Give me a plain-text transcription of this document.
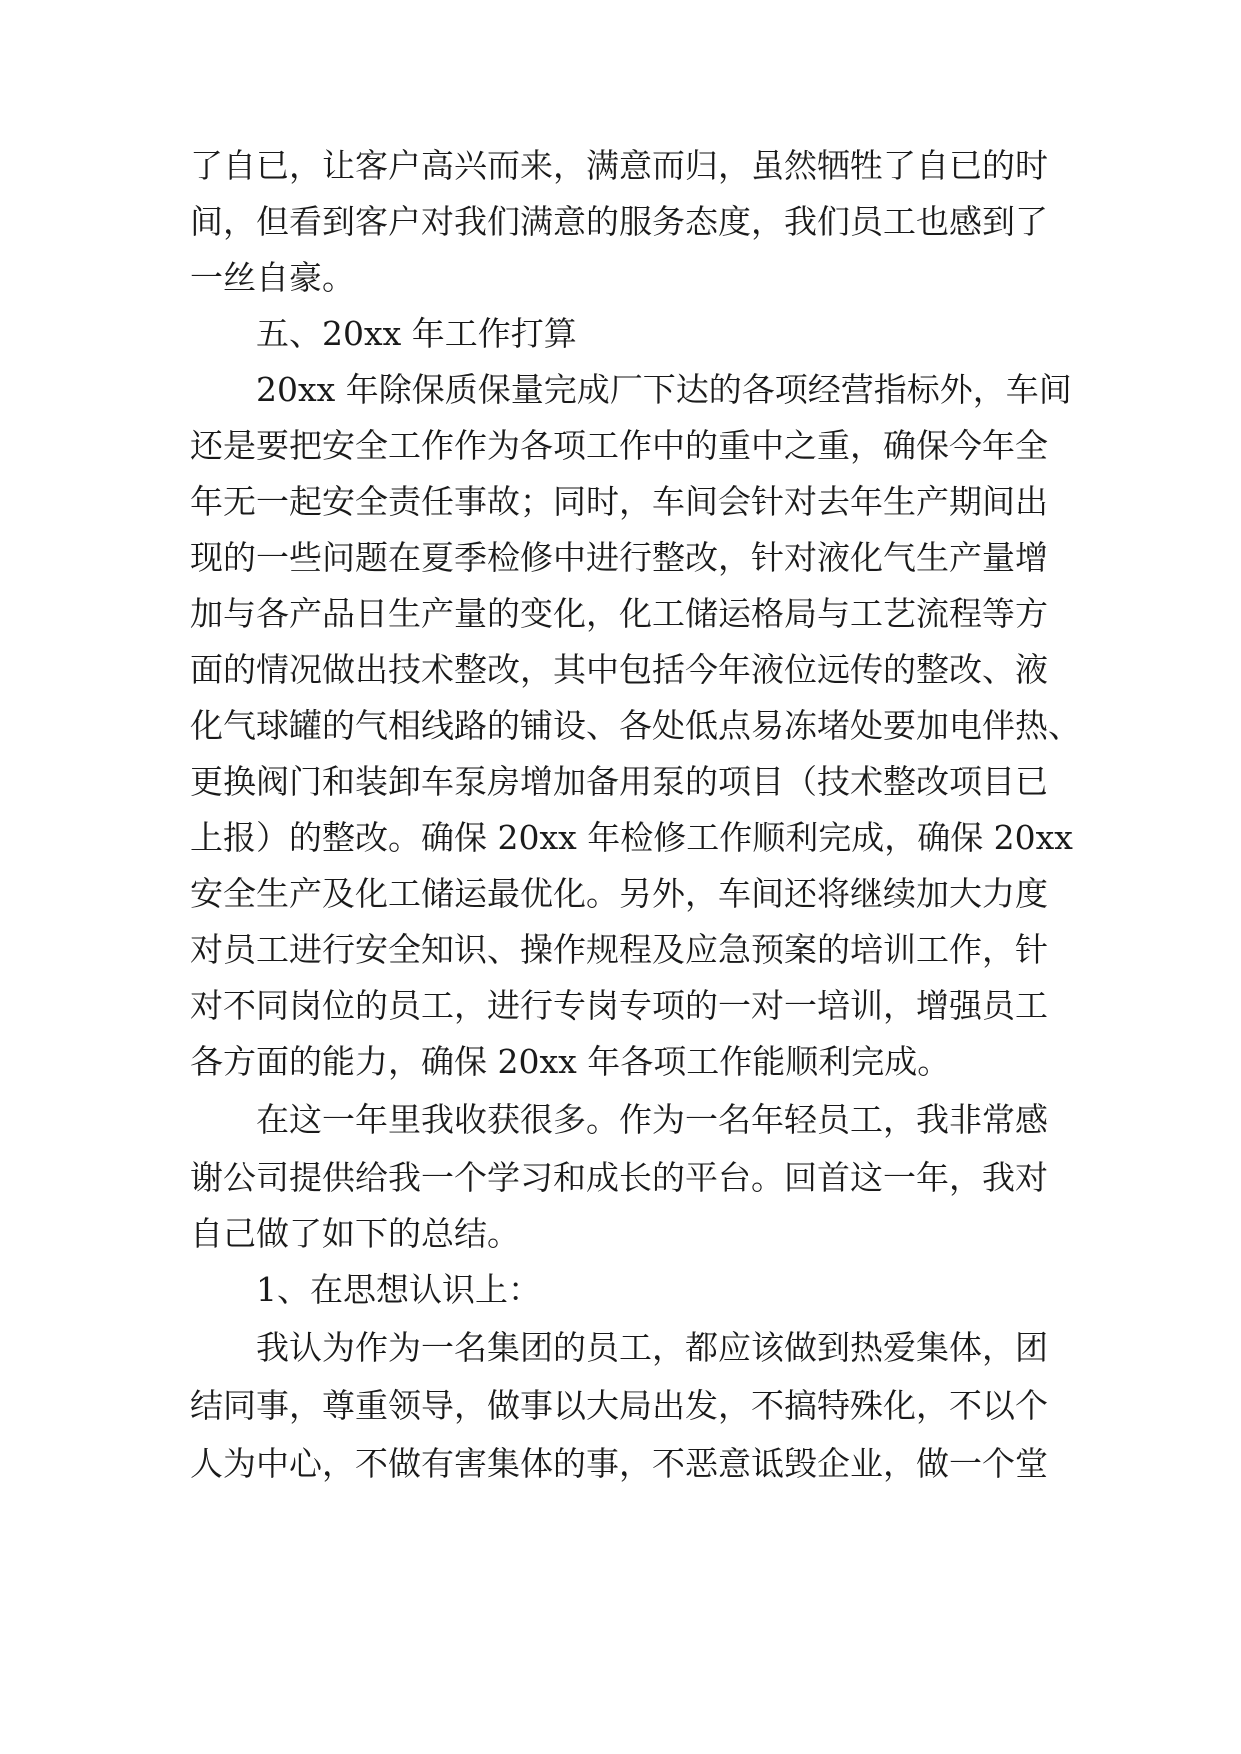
了自已，让客户高兴而来，满意而归，虽然牺牲了自已的时
间，但看到客户对我们满意的服务态度，我们员工也感到了
一丝自豪。
五、20xx 年工作打算
20xx 年除保质保量完成厂下达的各项经营指标外，车间
还是要把安全工作作为各项工作中的重中之重，确保今年全
年无一起安全责任事故；同时，车间会针对去年生产期间出
现的一些问题在夏季检修中进行整改，针对液化气生产量增
加与各产品日生产量的变化，化工储运格局与工艺流程等方
面的情况做出技术整改，其中包括今年液位远传的整改、液
化气球罐的气相线路的铺设、各处低点易冻堵处要加电伴热、
更换阀门和装卸车泵房增加备用泵的项目（技术整改项目已
上报）的整改。确保 20xx 年检修工作顺利完成，确保 20xx
安全生产及化工储运最优化。另外，车间还将继续加大力度
对员工进行安全知识、操作规程及应急预案的培训工作，针
对不同岗位的员工，进行专岗专项的一对一培训，增强员工
各方面的能力，确保 20xx 年各项工作能顺利完成。
在这一年里我收获很多。作为一名年轻员工，我非常感
谢公司提供给我一个学习和成长的平台。回首这一年，我对
自己做了如下的总结。
1、在思想认识上：
我认为作为一名集团的员工，都应该做到热爱集体，团
结同事，尊重领导，做事以大局出发，不搞特殊化，不以个
人为中心，不做有害集体的事，不恶意诋毁企业，做一个堂
